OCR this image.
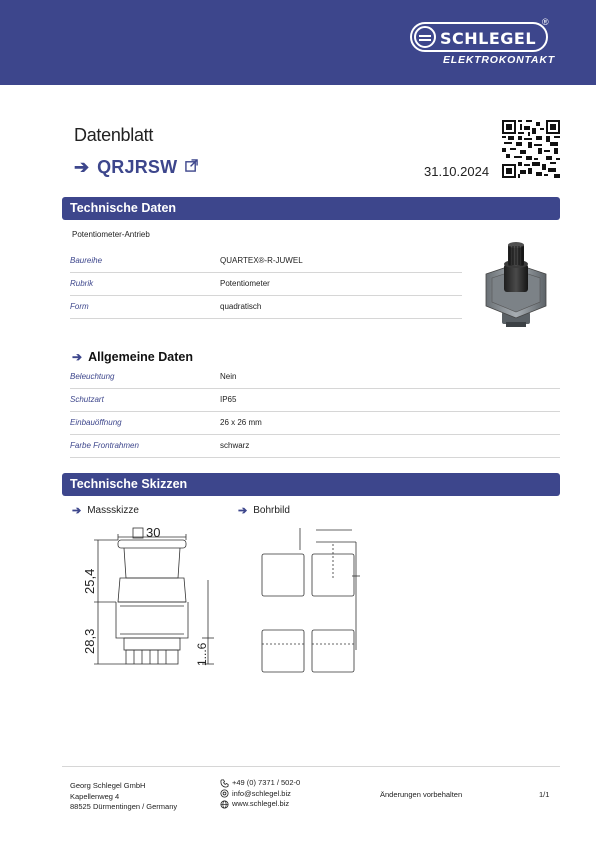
SCHLEGEL
®
ELEKTROKONTAKT
Datenblatt
➔ QRJRSW	31.10.2024
Technische Daten
Potentiometer-Antrieb
Baureihe	QUARTEX®-R-JUWEL
Rubrik	Potentiometer
Form	quadratisch
➔ Allgemeine Daten
Beleuchtung	Nein
Schutzart	IP65
Einbauöffnung	26 x 26 mm
Farbe Frontrahmen	schwarz
Technische Skizzen
➔ Massskizze	➔ Bohrbild
30
25,4
28,3
1...6
Georg Schlegel GmbH
Kapellenweg 4
88525 Dürmentingen / Germany
+49 (0) 7371 / 502-0
info@schlegel.biz
www.schlegel.biz
Änderungen vorbehalten	1/1
